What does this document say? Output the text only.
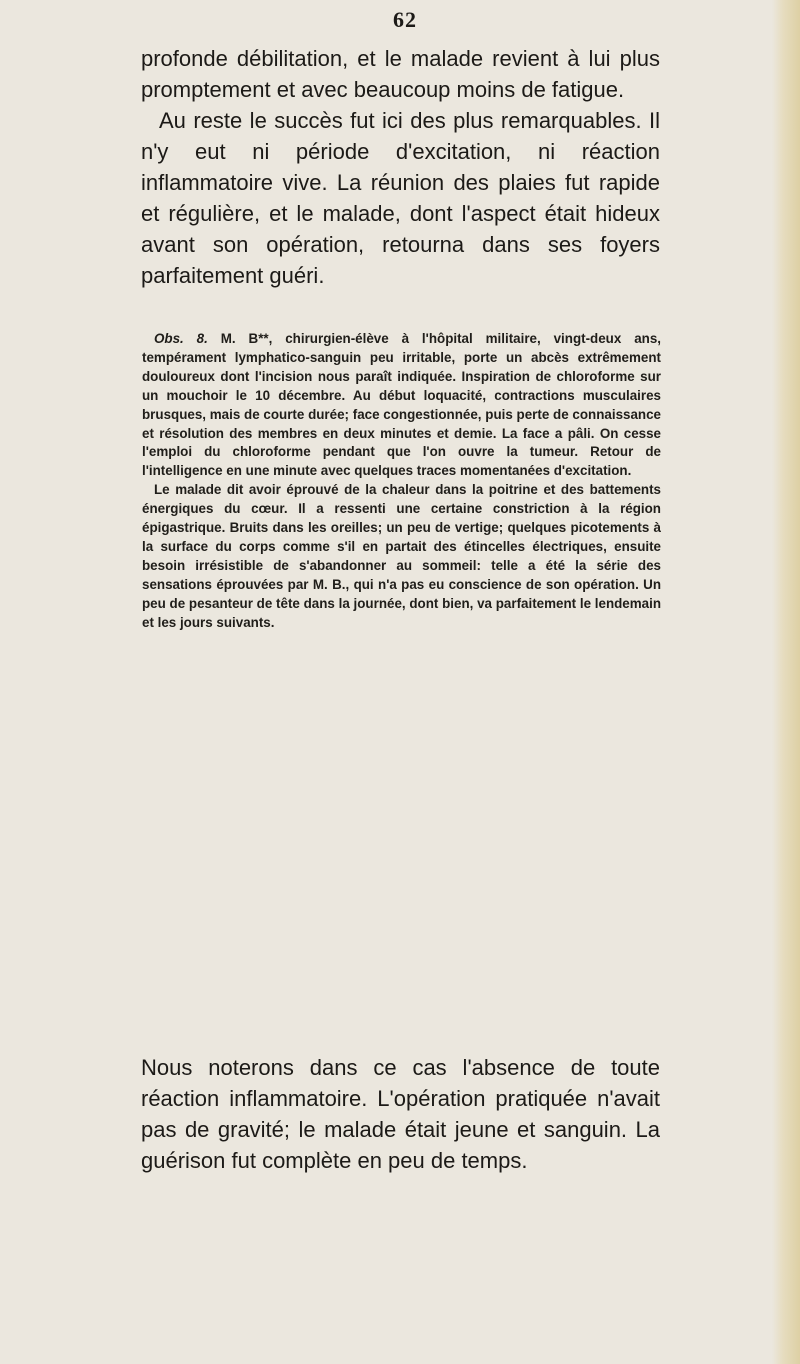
62

profonde débilitation, et le malade revient à lui plus promptement et avec beaucoup moins de fatigue.

Au reste le succès fut ici des plus remarquables. Il n'y eut ni période d'excitation, ni réaction inflammatoire vive. La réunion des plaies fut rapide et régulière, et le malade, dont l'aspect était hideux avant son opération, retourna dans ses foyers parfaitement guéri.

Obs. 8. M. B**, chirurgien-élève à l'hôpital militaire, vingt-deux ans, tempérament lymphatico-sanguin peu irritable, porte un abcès extrêmement douloureux dont l'incision nous paraît indiquée. Inspiration de chloroforme sur un mouchoir le 10 décembre. Au début loquacité, contractions musculaires brusques, mais de courte durée; face congestionnée, puis perte de connaissance et résolution des membres en deux minutes et demie. La face a pâli. On cesse l'emploi du chloroforme pendant que l'on ouvre la tumeur. Retour de l'intelligence en une minute avec quelques traces momentanées d'excitation.

Le malade dit avoir éprouvé de la chaleur dans la poitrine et des battements énergiques du cœur. Il a ressenti une certaine constriction à la région épigastrique. Bruits dans les oreilles; un peu de vertige; quelques picotements à la surface du corps comme s'il en partait des étincelles électriques, ensuite besoin irrésistible de s'abandonner au sommeil: telle a été la série des sensations éprouvées par M. B., qui n'a pas eu conscience de son opération. Un peu de pesanteur de tête dans la journée, dont bien, va parfaitement le lendemain et les jours suivants.

Nous noterons dans ce cas l'absence de toute réaction inflammatoire. L'opération pratiquée n'avait pas de gravité; le malade était jeune et sanguin. La guérison fut complète en peu de temps.
